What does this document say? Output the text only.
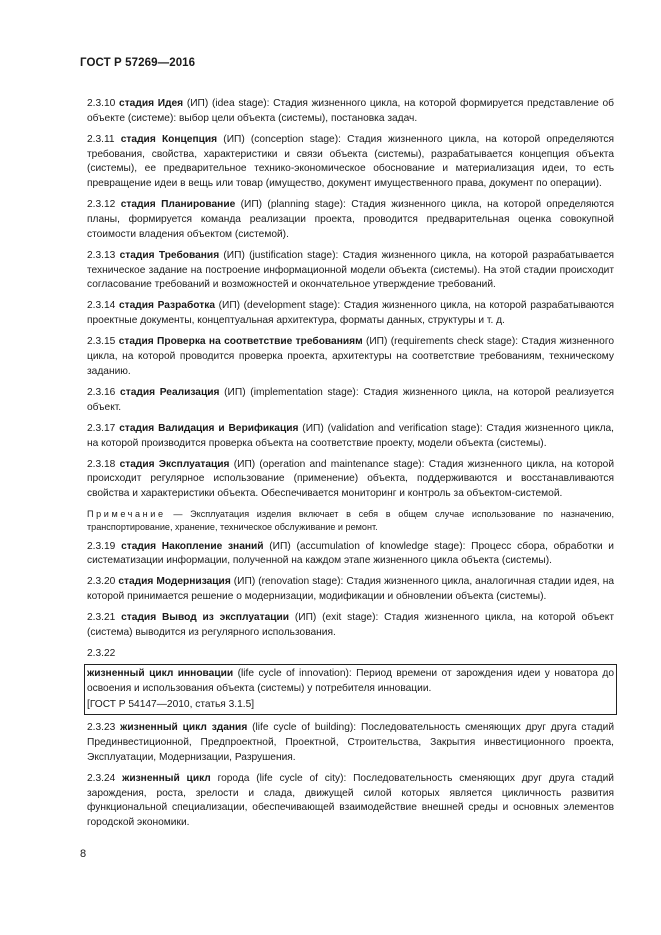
ГОСТ Р 57269—2016

2.3.10 стадия Идея (ИП) (idea stage): Стадия жизненного цикла, на которой формируется представление об объекте (системе): выбор цели объекта (системы), постановка задач.

2.3.11 стадия Концепция (ИП) (conception stage): Стадия жизненного цикла, на которой определяются требования, свойства, характеристики и связи объекта (системы), разрабатывается концепция объекта (системы), ее предварительное технико-экономическое обоснование и материализация идеи, то есть превращение идеи в вещь или товар (имущество, документ имущественного права, документ по операции).

2.3.12 стадия Планирование (ИП) (planning stage): Стадия жизненного цикла, на которой определяются планы, формируется команда реализации проекта, проводится предварительная оценка совокупной стоимости владения объектом (системой).

2.3.13 стадия Требования (ИП) (justification stage): Стадия жизненного цикла, на которой разрабатывается техническое задание на построение информационной модели объекта (системы). На этой стадии происходит согласование требований и возможностей и окончательное утверждение требований.

2.3.14 стадия Разработка (ИП) (development stage): Стадия жизненного цикла, на которой разрабатываются проектные документы, концептуальная архитектура, форматы данных, структуры и т. д.

2.3.15 стадия Проверка на соответствие требованиям (ИП) (requirements check stage): Стадия жизненного цикла, на которой проводится проверка проекта, архитектуры на соответствие требованиям, техническому заданию.

2.3.16 стадия Реализация (ИП) (implementation stage): Стадия жизненного цикла, на которой реализуется объект.

2.3.17 стадия Валидация и Верификация (ИП) (validation and verification stage): Стадия жизненного цикла, на которой производится проверка объекта на соответствие проекту, модели объекта (системы).

2.3.18 стадия Эксплуатация (ИП) (operation and maintenance stage): Стадия жизненного цикла, на которой происходит регулярное использование (применение) объекта, поддерживаются и восстанавливаются свойства и характеристики объекта. Обеспечивается мониторинг и контроль за объектом-системой.

Примечание — Эксплуатация изделия включает в себя в общем случае использование по назначению, транспортирование, хранение, техническое обслуживание и ремонт.

2.3.19 стадия Накопление знаний (ИП) (accumulation of knowledge stage): Процесс сбора, обработки и систематизации информации, полученной на каждом этапе жизненного цикла объекта (системы).

2.3.20 стадия Модернизация (ИП) (renovation stage): Стадия жизненного цикла, аналогичная стадии идея, на которой принимается решение о модернизации, модификации и обновлении объекта (системы).

2.3.21 стадия Вывод из эксплуатации (ИП) (exit stage): Стадия жизненного цикла, на которой объект (система) выводится из регулярного использования.

2.3.22

жизненный цикл инновации (life cycle of innovation): Период времени от зарождения идеи у новатора до освоения и использования объекта (системы) у потребителя инновации.

[ГОСТ Р 54147—2010, статья 3.1.5]

2.3.23 жизненный цикл здания (life cycle of building): Последовательность сменяющих друг друга стадий Прединвестиционной, Предпроектной, Проектной, Строительства, Закрытия инвестиционного проекта, Эксплуатации, Модернизации, Разрушения.

2.3.24 жизненный цикл города (life cycle of city): Последовательность сменяющих друг друга стадий зарождения, роста, зрелости и слада, движущей силой которых является цикличность развития функциональной специализации, обеспечивающей взаимодействие внешней среды и основных элементов городской экономики.

8
